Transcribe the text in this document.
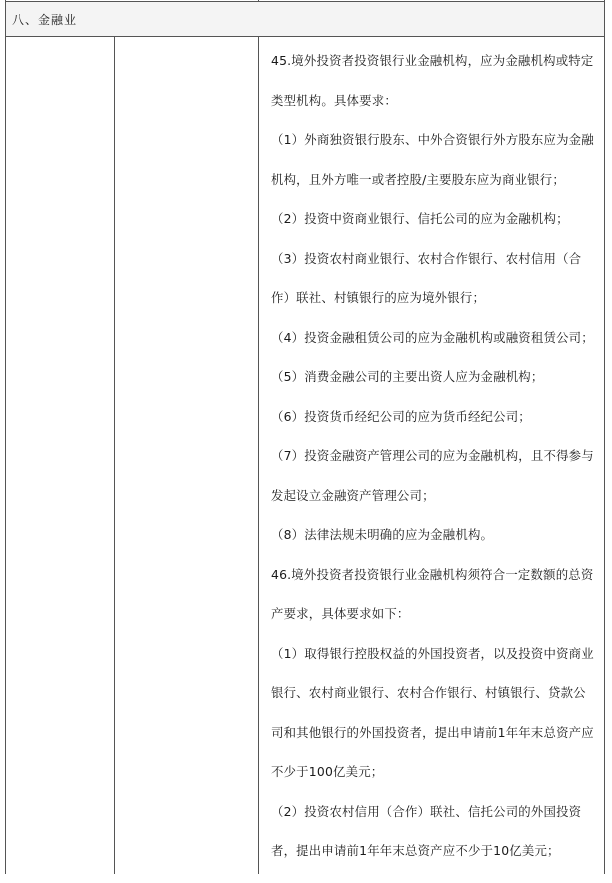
八、金融业
45.境外投资者投资银行业金融机构，应为金融机构或特定
类型机构。具体要求：
（1）外商独资银行股东、中外合资银行外方股东应为金融
机构，且外方唯一或者控股/主要股东应为商业银行；
（2）投资中资商业银行、信托公司的应为金融机构；
（3）投资农村商业银行、农村合作银行、农村信用（合
作）联社、村镇银行的应为境外银行；
（4）投资金融租赁公司的应为金融机构或融资租赁公司；
（5）消费金融公司的主要出资人应为金融机构；
（6）投资货币经纪公司的应为货币经纪公司；
（7）投资金融资产管理公司的应为金融机构，且不得参与
发起设立金融资产管理公司；
（8）法律法规未明确的应为金融机构。
46.境外投资者投资银行业金融机构须符合一定数额的总资
产要求，具体要求如下：
（1）取得银行控股权益的外国投资者，以及投资中资商业
银行、农村商业银行、农村合作银行、村镇银行、贷款公
司和其他银行的外国投资者，提出申请前1年年末总资产应
不少于100亿美元；
（2）投资农村信用（合作）联社、信托公司的外国投资
者，提出申请前1年年末总资产应不少于10亿美元；
